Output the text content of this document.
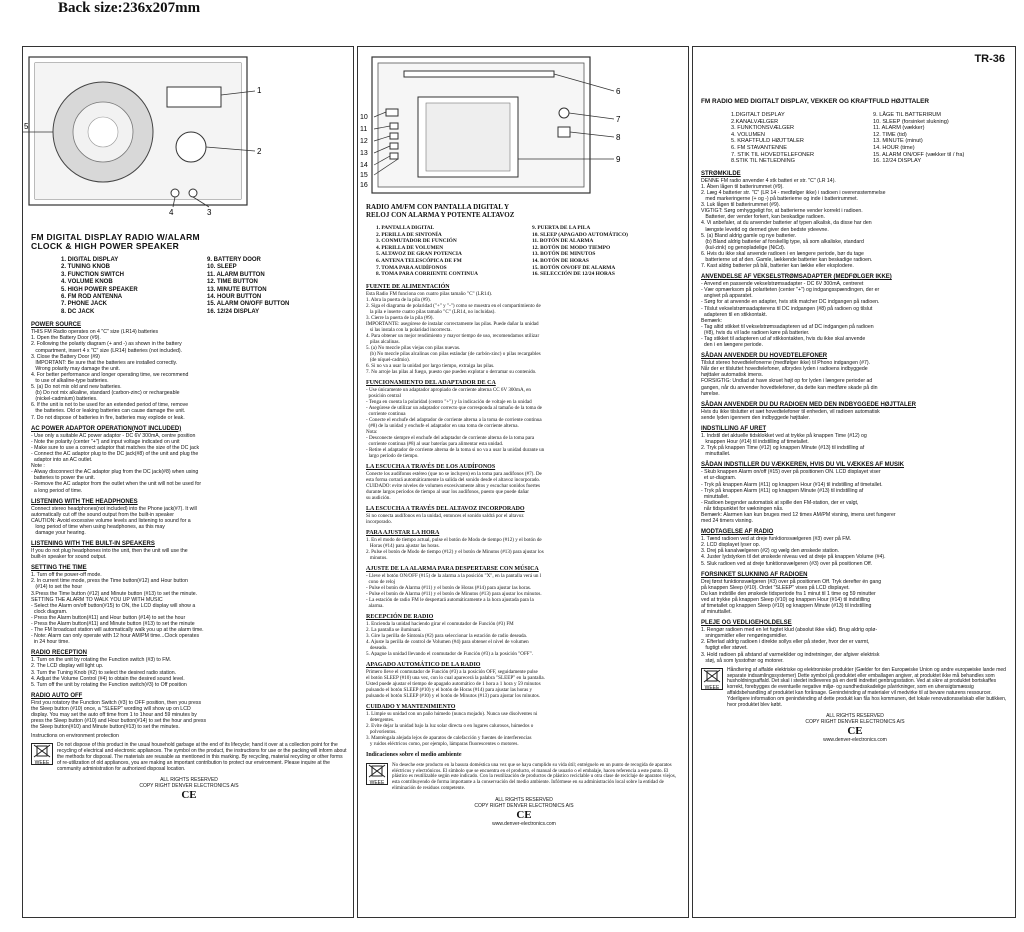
Back size:236x207mm
1
2
3
4
5
FM DIGITAL DISPLAY RADIO W/ALARM
CLOCK & HIGH POWER SPEAKER
1. DIGITAL DISPLAY	9. BATTERY DOOR
2. TUNING KNOB	10. SLEEP
3. FUNCTION SWITCH	11. ALARM BUTTON
4. VOLUME KNOB	12. TIME BUTTON
5. HIGH POWER SPEAKER	13. MINUTE BUTTON
6. FM ROD ANTENNA	14. HOUR BUTTON
7. PHONE JACK	15. ALARM ON/OFF BUTTON
8. DC JACK	16. 12/24 DISPLAY
POWER SOURCE
THIS FM Radio operates on 4 "C" size (LR14) batteries
1. Open the Battery Door (#9).
2. Following the polarity diagram (+ and -) as shown in the battery
compartment, insert 4 x "C" size (LR14) batteries (not included).
3. Close the Battery Door (#9)
IMPORTANT: Be sure that the batteries are installed correctly.
Wrong polarity may damage the unit.
4. For better performance and longer operating time, we recommend
to use of alkaline-type batteries.
5. (a) Do not mix old and new batteries.
(b) Do not mix alkaline, standard (carbon-zinc) or rechargeable
(nickel-cadmium) batteries.
6. If the unit is not to be used for an extended period of time, remove
the batteries. Old or leaking batteries can cause damage the unit.
7. Do not dispose of batteries in fire, batteries may explode or leak.
AC POWER ADAPTOR OPERATION(NOT INCLUDED)
- Use only a suitable AC power adaptor - DC 6V 300mA, centre position
- Note the polarity (center "+") and input voltage indicated on unit
- Make sure to use a correct adaptor that matches the size of the DC jack
- Connect the AC adaptor plug to the DC jack(#8) of the unit and plug the
adaptor into an AC outlet.
Note :
- Alway disconnect the AC adaptor plug from the DC jack(#8) when using
batteries to power the unit.
- Remove the AC adaptor from the outlet when the unit will not be used for
a long period of time.
LISTENING WITH THE HEADPHONES
Connect stereo headphones(not included) into the Phone jack(#7). It will
automatically cut off the sound output from the built-in speaker
CAUTION: Avoid excessive volume levels and listening to sound for a
long period of time when using headphones, as this may
damage your hearing.
LISTENING WITH THE BUILT-IN SPEAKERS
If you do not plug headphones into the unit, then the unit will use the
built-in speaker for sound output.
SETTING THE TIME
1. Turn off the power-off mode.
2. In current time mode, press the Time button(#12) and Hour button
(#14) to set the hour
3.Press the Time button (#12) and Minute button (#13) to set the minute.
SETTING THE ALARM TO WALK YOU UP WITH MUSIC
- Select the Alarm on/off button(#15) to ON, the LCD display will show a
clock diagram.
- Press the Alarm button(#11) and Hour button (#14) to set the hour
- Press the Alarm button(#11) and Minute button (#13) to set the minute
- The FM broadcast station will automatically walk you up at the alarm time.
- Note: Alarm can only operate with 12 hour AM/PM time...Clock operates
in 24 hour time.
RADIO RECEPTION
1. Turn on the unit by rotating the Function switch (#3) to FM.
2. The LCD display will light up.
3. Turn the Tuning Knob (#2) to select the desired radio station.
4. Adjust the Volume Control (#4) to obtain the desired sound level.
5. Turn off the unit by rotating the Function switch(#3) to Off position
RADIO AUTO OFF
First you rotatory the Function Switch (#3) to OFF position, then you press
the Sleep button (#10) once, a "SLEEP" wording will show up on LCD
display. You may set the auto off time from 1 to 1hour and 59 minutes by
press the Sleep button (#10) and Hour button(#14) to set the hour and press
the Sleep button(#10) and Minute button(#13) to set the minutes.
Instructions on environment protection
WEEE
Do not dispose of this product in the usual household garbage at the end of its lifecycle; hand it over at a collection point for the recycling of electrical and electronic appliances. The symbol on the product, the instructions for use or the packing will inform about the methods for disposal. The materials are reusable as mentioned in this marking. By recycling, material recycling or other forms of re-utilization of old appliances, you are making an important contribution to protect our environment. Please inquire at the community administration for authorized disposal location.
ALL RIGHTS RESERVED
COPY RIGHT DENVER ELECTRONICS A/S
CE
6
7
8
9
10
11
12
13
14
15
16
RADIO AM/FM CON PANTALLA DIGITAL Y
RELOJ CON ALARMA Y POTENTE ALTAVOZ
1. PANTALLA DIGITAL	9. PUERTA DE LA PILA
2. PERILLA DE SINTONÍA	10. SLEEP (APAGADO AUTOMÁTICO)
3. CONMUTADOR DE FUNCIÓN	11. BOTÓN DE ALARMA
4. PERILLA DE VOLUMEN	12. BOTÓN DE MODO TIEMPO
5. ALTAVOZ DE GRAN POTENCIA	13. BOTÓN DE MINUTOS
6. ANTENA TELESCÓPICA DE FM	14. BOTÓN DE HORAS
7. TOMA PARA AUDÍFONOS	15. BOTÓN ON/OFF DE ALARMA
8. TOMA PARA CORRIENTE CONTINUA	16. SELECCIÓN DE 12/24 HORAS
FUENTE DE ALIMENTACIÓN
Esta Radio FM funciona con cuatro pilas tamaño "C" (LR14).
1. Abra la puerta de la pila (#9).
2. Siga el diagrama de polaridad ("+" y "-") como se muestra en el compartimiento de
la pila e inserte cuatro pilas tamaño "C" (LR14, no incluidas).
3. Cierre la puerta de la pila (#9).
IMPORTANTE: asegúrese de instalar correctamente las pilas. Puede dañar la unidad
si las instala con la polaridad incorrecta.
4. Para obtener un mejor rendimiento y mayor tiempo de uso, recomendamos utilizar
pilas alcalinas.
5. (a) No mezcle pilas viejas con pilas nuevas.
(b) No mezcle pilas alcalinas con pilas estándar (de carbón-zinc) o pilas recargables
(de níquel-cadmio).
6. Si no va a usar la unidad por largo tiempo, extraiga las pilas.
7. No arroje las pilas al fuego, puesto que pueden explotar o derramar su contenido.
FUNCIONAMIENTO DEL ADAPTADOR DE CA
- Use únicamente un adaptador apropiado de corriente alterna CC 6V 300mA, en
posición central
- Tenga en cuenta la polaridad (centro "+") y la indicación de voltaje en la unidad
- Asegúrese de utilizar un adaptador correcto que corresponda al tamaño de la toma de
corriente continua
- Conecte el enchufe del adaptador de corriente alterna a la toma de corriente continua
(#8) de la unidad y enchufe el adaptador en una toma de corriente alterna.
Nota:
- Desconecte siempre el enchufe del adaptador de corriente alterna de la toma para
corriente continua (#8) al usar baterías para alimentar esta unidad.
- Retire el adaptador de corriente alterna de la toma si no va a usar la unidad durante un
largo período de tiempo.
LA ESCUCHA A TRAVÉS DE LOS AUDÍFONOS
Conecte los audífonos estéreo (que no se incluyen) en la toma para audífonos (#7). De
esta forma cortará automáticamente la salida del sonido desde el altavoz incorporado.
CUIDADO: evite niveles de volumen excesivamente altos y escuchar sonidos fuertes
durante largos períodos de tiempo al usar los audífonos, puesto que puede dañar
su audición.
LA ESCUCHA A TRAVÉS DEL ALTAVOZ INCORPORADO
Si no conecta audífonos en la unidad, entonces el sonido saldrá por el altavoz
incorporado.
PARA AJUSTAR LA HORA
1. En el modo de tiempo actual, pulse el botón de Modo de tiempo (#12) y el botón de
Horas (#14) para ajustar las horas.
2. Pulse el botón de Modo de tiempo (#12) y el botón de Minutos (#13) para ajustar los
minutos.
AJUSTE DE LA ALARMA PARA DESPERTARSE CON MÚSICA
- Lleve el botón ON/OFF (#15) de la alarma a la posición "X", en la pantalla verá un l
cono de reloj
- Pulse el botón de Alarma (#11) y el botón de Horas (#14) para ajustar las horas.
- Pulse el botón de Alarma (#11) y el botón de Minutos (#13) para ajustar los minutos.
- La estación de radio FM le despertará automáticamente a la hora ajustada para la
alarma.
RECEPCIÓN DE RADIO
1. Encienda la unidad haciendo girar el conmutador de Función (#3) FM
2. La pantalla se iluminará.
3. Gire la perilla de Sintonía (#2) para seleccionar la estación de radio deseada.
4. Ajuste la perilla de control de Volumen (#4) para obtener el nivel de volumen
deseado.
5. Apague la unidad llevando el conmutador de Función (#3) a la posición "OFF".
APAGADO AUTOMÁTICO DE LA RADIO
Primero lleve el conmutador de Función (#3) a la posición OFF, seguidamente pulse
el botón SLEEP (#10) una vez, con lo cual aparecerá la palabra "SLEEP" en la pantalla.
Usted puede ajustar el tiempo de apagado automático de 1 hora a 1 hora y 59 minutos
pulsando el botón SLEEP (#10) y el botón de Horas (#14) para ajustar las horas y
pulsando el botón SLEEP (#10) y el botón de Minutos (#13) para ajustar los minutos.
CUIDADO Y MANTENIMIENTO
1. Limpie su unidad con un paño húmedo (nunca mojado). Nunca use disolventes ni
detergentes.
2. Evite dejar la unidad bajo la luz solar directa o en lugares calurosos, húmedos o
polvorientos.
3. Manténgala alejada lejos de aparatos de calefacción y fuentes de interferencias
y ruidos eléctricos como, por ejemplo, lámparas fluorescentes o motores.
Indicaciones sobre el medio ambiente
WEEE
No deseche este producto en la basura doméstica una vez que se haya cumplido su vida útil; entréguelo en un punto de recogida de aparatos eléctricos y electrónicos. El símbolo que se encuentra en el producto, el manual de usuario o el embalaje, hacen referencia a este punto. El plástico es reutilizable según este indicado. Con la reutilización de productos de plástico reciclable u otra clase de reciclaje de aparatos viejos, esta contribuyendo de forma importante a la conservación del medio ambiente. Infórmese en su administración local sobre la entidad de eliminación de residuos competente.
ALL RIGHTS RESERVED
COPY RIGHT DENVER ELECTRONICS A/S
CE
www.denver-electronics.com
TR-36
FM RADIO MED DIGITALT DISPLAY, VEKKER OG KRAFTFULD HØJTTALER
1.DIGITALT DISPLAY	9. LÅGE TIL BATTERIRUM
2.KANALVÆLGER	10. SLEEP (forsinket slukning)
3. FUNKTIONSVÆLGER	11. ALARM (vækker)
4. VOLUMEN	12. TIME (tid)
5. KRAFTFULD HØJTTALER	13. MINUTE (minut)
6. FM STAVANTENNE	14. HOUR (time)
7. STIK TIL HOVEDTELEFONER	15. ALARM ON/OFF (vækker til / fra)
8.STIK TIL NETLEDNING	16. 12/24 DISPLAY
STRØMKILDE
DENNE FM radio anvender 4 stk batteri er str. "C" (LR 14).
1. Åben lågen til batterirummet (#9).
2. Læg 4 batterier str. "C" (LR 14 - medfølger ikke) i radioen i overensstemmelse
med markeringerne (+ og -) på batterierne og inde i batterirummet.
3. Luk lågen til batterirummet (#9).
VIGTIGT: Sørg omhyggeligt for, at batterierne vender korrekt i radioen.
Batterier, der vender forkert, kan beskadige radioen.
4. Vi anbefaler, at du anvender batterier af typen alkalisk, da disse har den
længste levetid og dermed giver den bedste ydeevne.
5. (a) Bland aldrig gamle og nye batterier.
(b) Bland aldrig batterier af forskellig type, så som alkaliske, standard
(kul-zink) og genopladelige (NiCd).
6. Hvis du ikke skal anvende radioen i en længere periode, bør du tage
batterierne ud af den. Gamle, lækkende batterier kan beskadige radioen.
7. Kast aldrig batterier på bål, batterier kan lække eller eksplodere.
ANVENDELSE AF VEKSELSTRØMSADAPTER (MEDFØLGER IKKE)
- Anvend en passende vekselstrømsadapter - DC 6V 300mA, centreret
- Vær opmærksom på polariteten (center "+") og indgangsspændingen, der er
angivet på apparatet.
- Sørg for at anvende en adapter, hvis stik matcher DC indgangen på radioen.
- Tilslut vekselstrømsadapterens til DC indgangen (#8) på radioen og tilslut
adapteren til en stikkontakt.
Bemærk:
- Tag altid stikket til vekselstrømsadapteren ud af DC indgangen på radioen
(#8), hvis du vil lade radioen køre på batterier.
- Tag stikket til adapteren ud af stikkontakten, hvis du ikke skal anvende
den i en længere periode.
SÅDAN ANVENDER DU HOVEDTELEFONER
Tilslut stereo hovedtelefonerne (medfølger ikke) til Phono indgangen (#7).
Når der er tilsluttet hovedtelefoner, afbrydes lyden i radioens indbyggede
højttaler automatisk imens.
FORSIGTIG: Undlad at have skruet højt op for lyden i længere perioder ad
gangen, når du anvender hovedtelefoner, da dette kan medføre skade på din
hørelse.
SÅDAN ANVENDER DU DU RADIOEN MED DEN INDBYGGEDE HØJTTALER
Hvis du ikke tilslutter et sæt hovedtelefoner til enheden, vil radioen automatisk
sende lyden igennem den indbyggede højttaler.
INDSTILLING AF URET
1. Indstil det aktuelle tidsklokket ved at trykke på knappen Time (#12) og
knappen Hour (#14) til indstilling af timetallet.
2. Tryk på knappen Time (#12) og knappen Minute (#13) til indstilling af
minuttallet.
SÅDAN INDSTILLER DU VÆKKEREN, HVIS DU VIL VÆKKES AF MUSIK
- Skub knappen Alarm on/off (#15) over på positionen ON. LCD displayet viser
et ur-diagram.
- Tryk på knappen Alarm (#11) og knappen Hour (#14) til indstilling af timetallet.
- Tryk på knappen Alarm (#11) og knappen Minute (#13) til indstilling af
minuttallet.
- Radioen begynder automatisk at spille den FM-station, der er valgt,
når tidspunktet for vækningen nås.
Bemærk: Alarmen kan kun bruges med 12 times AM/PM visning, imens uret fungerer
med 24 timers visning.
MODTAGELSE AF RADIO
1. Tænd radioen ved at dreje funktionsvælgeren (#3) over på FM.
2. LCD displayet lyser op.
3. Drej på kanalvælgeren (#2) og vælg den ønskede station.
4. Juster lydstyrken til det ønskede niveau ved at dreje på knappen Volume (#4).
5. Sluk radioen ved at dreje funktionsvælgeren (#3) over på positionen Off.
FORSINKET SLUKNING AF RADIOEN
Drej først funktionsvælgeren (#3) over på positionen Off. Tryk derefter én gang
på knappen Sleep (#10). Ordet "SLEEP" vises på LCD displayet.
Du kan indstille den ønskede tidsperiode fra 1 minut til 1 time og 59 minutter
ved at trykke på knappen Sleep (#10) og knappen Hour (#14) til indstilling
af timetallet og knappen Sleep (#10) og knappen Minute (#13) til indstilling
af minuttallet.
PLEJE OG VEDLIGEHOLDELSE
1. Rengør radioen med en let fugtet klud (absolut ikke våd). Brug aldrig oplø-
sningsmidler eller rengøringsmidler.
2. Efterlad aldrig radioen i direkte sollys eller på steder, hvor der er varmt,
fugtigt eller støvet.
3. Hold radioen på afstand af varmekilder og indretninger, der afgiver elektrisk
støj, så som lysstofrør og motorer.
WEEE
Håndtering af affalde elektriske og elektroniske produkter (Gælder for den Europæiske Union og andre europæiske lande med separate indsamlingssystemer) Dette symbol på produktet eller emballagen angiver, at produktet ikke må behandles som husholdningsaffald. Det skal i stedet indleveres på en dertil indrettet genbrugsstation. Ved at sikre at produktet bortskaffes korrekt, forebygges de eventuelle negative miljø- og sundhedsskadelige påvirkninger, som en uhensigtsmæssig affaldsbehandling af produktet kan forårsage. Genindvinding af materialer vil medvirke til at bevare naturens ressourcer. Yderligere information om genindvinding af dette produkt kan fås hos kommunen, det lokale renovationsselskab eller butikken, hvor produktet blev købt.
ALL RIGHTS RESERVED
COPY RIGHT DENVER ELECTRONICS A/S
CE
www.denver-electronics.com
